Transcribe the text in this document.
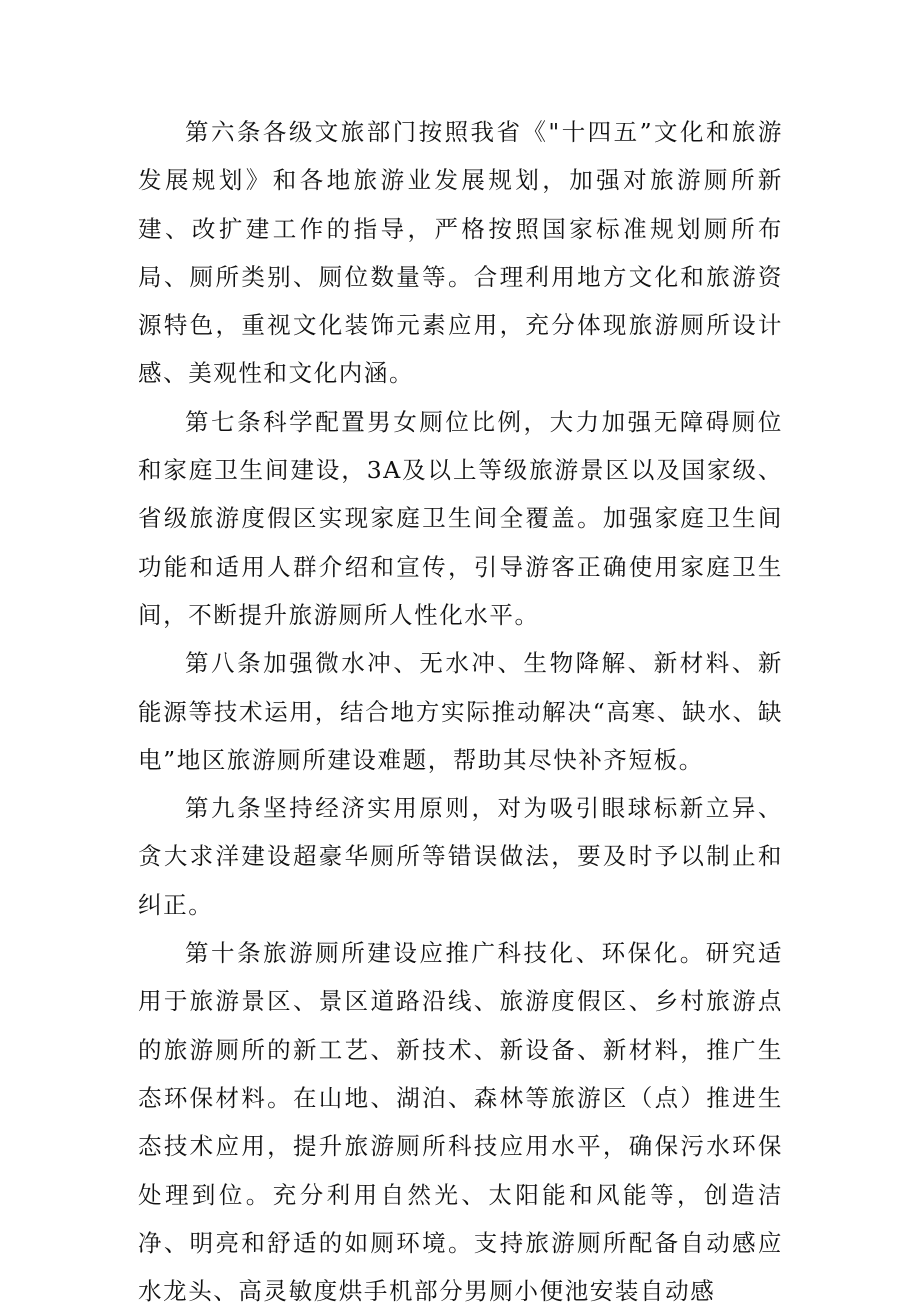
第六条各级文旅部门按照我省《"十四五”文化和旅游发展规划》和各地旅游业发展规划，加强对旅游厕所新建、改扩建工作的指导，严格按照国家标准规划厕所布局、厕所类别、厕位数量等。合理利用地方文化和旅游资源特色，重视文化装饰元素应用，充分体现旅游厕所设计感、美观性和文化内涵。

第七条科学配置男女厕位比例，大力加强无障碍厕位和家庭卫生间建设，3A及以上等级旅游景区以及国家级、省级旅游度假区实现家庭卫生间全覆盖。加强家庭卫生间功能和适用人群介绍和宣传，引导游客正确使用家庭卫生间，不断提升旅游厕所人性化水平。

第八条加强微水冲、无水冲、生物降解、新材料、新能源等技术运用，结合地方实际推动解决“高寒、缺水、缺电”地区旅游厕所建设难题，帮助其尽快补齐短板。

第九条坚持经济实用原则，对为吸引眼球标新立异、贪大求洋建设超豪华厕所等错误做法，要及时予以制止和纠正。

第十条旅游厕所建设应推广科技化、环保化。研究适用于旅游景区、景区道路沿线、旅游度假区、乡村旅游点的旅游厕所的新工艺、新技术、新设备、新材料，推广生态环保材料。在山地、湖泊、森林等旅游区（点）推进生态技术应用，提升旅游厕所科技应用水平，确保污水环保处理到位。充分利用自然光、太阳能和风能等，创造洁净、明亮和舒适的如厕环境。支持旅游厕所配备自动感应水龙头、高灵敏度烘手机部分男厕小便池安装自动感
